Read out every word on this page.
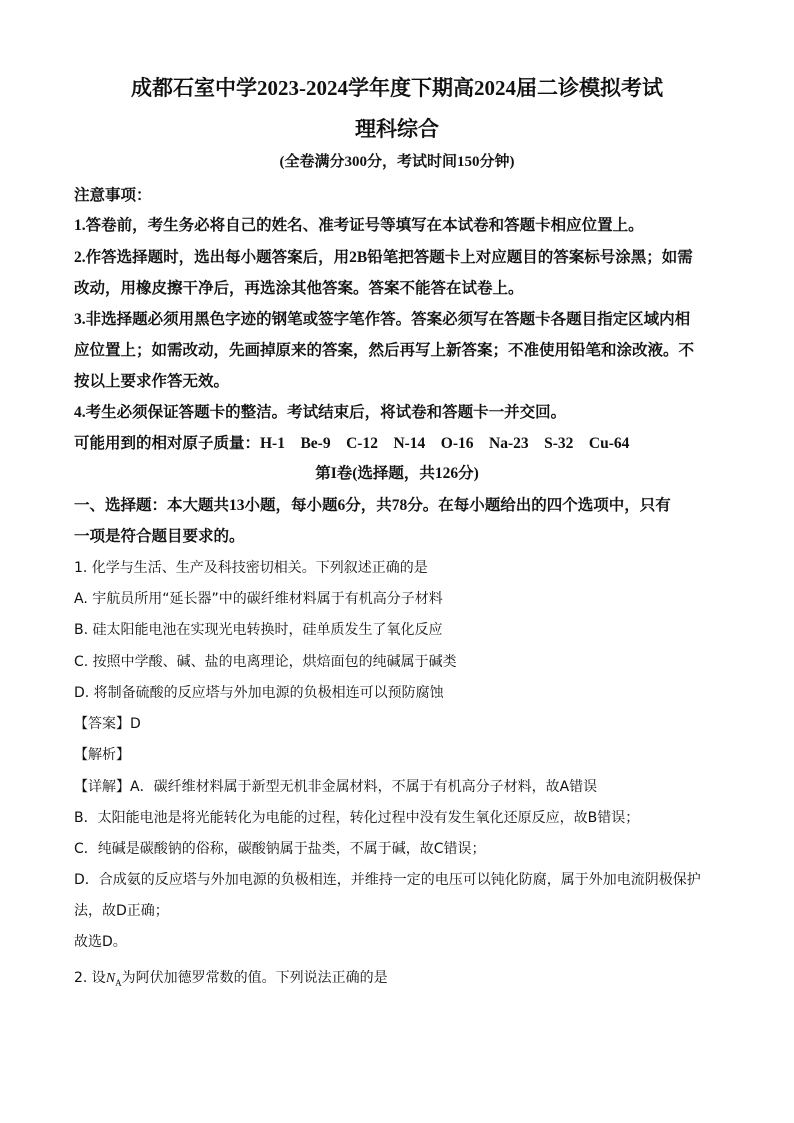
成都石室中学2023-2024学年度下期高2024届二诊模拟考试
理科综合
(全卷满分300分，考试时间150分钟)
注意事项：
1.答卷前，考生务必将自己的姓名、准考证号等填写在本试卷和答题卡相应位置上。
2.作答选择题时，选出每小题答案后，用2B铅笔把答题卡上对应题目的答案标号涂黑；如需
改动，用橡皮擦干净后，再选涂其他答案。答案不能答在试卷上。
3.非选择题必须用黑色字迹的钢笔或签字笔作答。答案必须写在答题卡各题目指定区域内相
应位置上；如需改动，先画掉原来的答案，然后再写上新答案；不准使用铅笔和涂改液。不
按以上要求作答无效。
4.考生必须保证答题卡的整洁。考试结束后，将试卷和答题卡一并交回。
可能用到的相对原子质量：H-1　Be-9　C-12　N-14　O-16　Na-23　S-32　Cu-64
第I卷(选择题，共126分)
一、选择题：本大题共13小题，每小题6分，共78分。在每小题给出的四个选项中，只有
一项是符合题目要求的。
1. 化学与生活、生产及科技密切相关。下列叙述正确的是
A. 宇航员所用“延长器”中的碳纤维材料属于有机高分子材料
B. 硅太阳能电池在实现光电转换时，硅单质发生了氧化反应
C. 按照中学酸、碱、盐的电离理论，烘焙面包的纯碱属于碱类
D. 将制备硫酸的反应塔与外加电源的负极相连可以预防腐蚀
【答案】D
【解析】
【详解】A．碳纤维材料属于新型无机非金属材料，不属于有机高分子材料，故A错误
B．太阳能电池是将光能转化为电能的过程，转化过程中没有发生氧化还原反应，故B错误；
C．纯碱是碳酸钠的俗称，碳酸钠属于盐类，不属于碱，故C错误；
D．合成氨的反应塔与外加电源的负极相连，并维持一定的电压可以钝化防腐，属于外加电流阴极保护
法，故D正确；
故选D。
2. 设$N_A$为阿伏加德罗常数的值。下列说法正确的是
